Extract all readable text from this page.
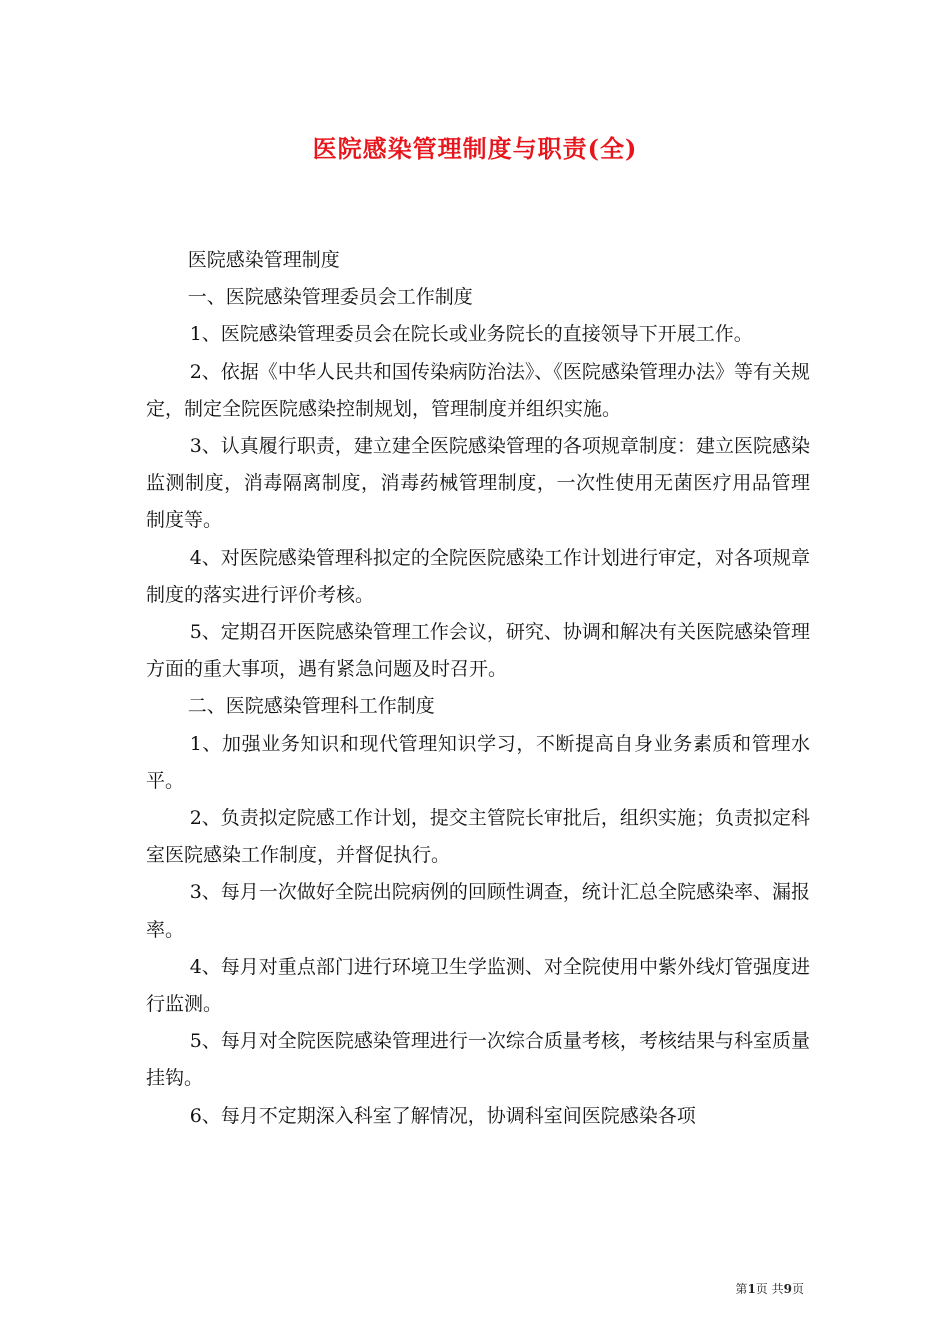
医院感染管理制度与职责(全)

医院感染管理制度

一、医院感染管理委员会工作制度

1、医院感染管理委员会在院长或业务院长的直接领导下开展工作。

2、依据《中华人民共和国传染病防治法》、《医院感染管理办法》等有关规定，制定全院医院感染控制规划，管理制度并组织实施。

3、认真履行职责，建立建全医院感染管理的各项规章制度：建立医院感染监测制度，消毒隔离制度，消毒药械管理制度，一次性使用无菌医疗用品管理制度等。

4、对医院感染管理科拟定的全院医院感染工作计划进行审定，对各项规章制度的落实进行评价考核。

5、定期召开医院感染管理工作会议，研究、协调和解决有关医院感染管理方面的重大事项，遇有紧急问题及时召开。

二、医院感染管理科工作制度

1、加强业务知识和现代管理知识学习，不断提高自身业务素质和管理水平。

2、负责拟定院感工作计划，提交主管院长审批后，组织实施；负责拟定科室医院感染工作制度，并督促执行。

3、每月一次做好全院出院病例的回顾性调查，统计汇总全院感染率、漏报率。

4、每月对重点部门进行环境卫生学监测、对全院使用中紫外线灯管强度进行监测。

5、每月对全院医院感染管理进行一次综合质量考核，考核结果与科室质量挂钩。

6、每月不定期深入科室了解情况，协调科室间医院感染各项

第1页 共9页
